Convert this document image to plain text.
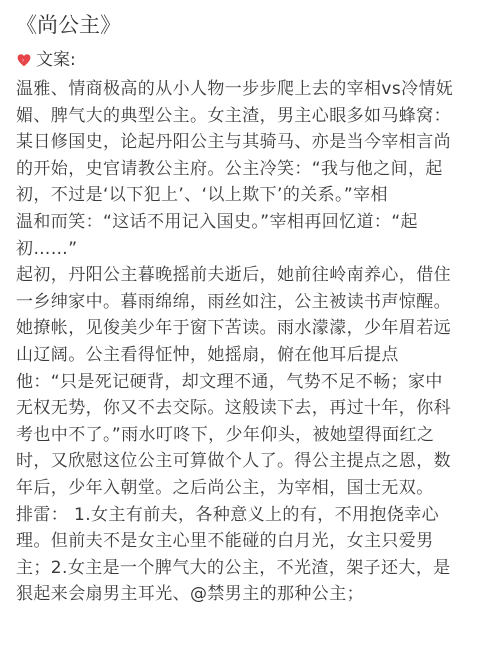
《尚公主》
文案:
温雅、情商极高的从小人物一步步爬上去的宰相vs冷情妩
媚、脾气大的典型公主。女主渣，男主心眼多如马蜂窝：
某日修国史，论起丹阳公主与其骑马、亦是当今宰相言尚
的开始，史官请教公主府。公主冷笑：“我与他之间，起
初，不过是‘以下犯上’、‘以上欺下’的关系。”宰相
温和而笑：“这话不用记入国史。”宰相再回忆道：“起
初……”
起初，丹阳公主暮晚摇前夫逝后，她前往岭南养心，借住
一乡绅家中。暮雨绵绵，雨丝如注，公主被读书声惊醒。
她撩帐，见俊美少年于窗下苦读。雨水濛濛，少年眉若远
山辽阔。公主看得怔忡，她摇扇，俯在他耳后提点
他：“只是死记硬背，却文理不通，气势不足不畅；家中
无权无势，你又不去交际。这般读下去，再过十年，你科
考也中不了。”雨水叮咚下，少年仰头，被她望得面红之
时，又欣慰这位公主可算做个人了。得公主提点之恩，数
年后，少年入朝堂。之后尚公主，为宰相，国士无双。
排雷： 1.女主有前夫，各种意义上的有，不用抱侥幸心
理。但前夫不是女主心里不能碰的白月光，女主只爱男
主；2.女主是一个脾气大的公主，不光渣，架子还大，是
狠起来会扇男主耳光、@禁男主的那种公主；
